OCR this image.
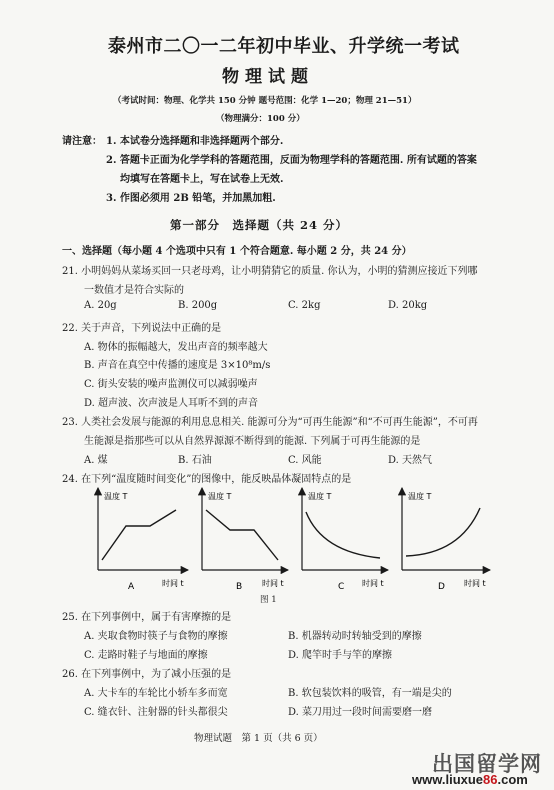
泰州市二〇一二年初中毕业、升学统一考试
物理试题
（考试时间：物理、化学共 150 分钟 题号范围：化学 1—20；物理 21—51）
（物理满分：100 分）
请注意： 1. 本试卷分选择题和非选择题两个部分.
2. 答题卡正面为化学学科的答题范围，反面为物理学科的答题范围. 所有试题的答案
均填写在答题卡上，写在试卷上无效.
3. 作图必须用 2B 铅笔，并加黑加粗.
第一部分　选择题（共 24 分）
一、选择题（每小题 4 个选项中只有 1 个符合题意. 每小题 2 分，共 24 分）
21. 小明妈妈从菜场买回一只老母鸡，让小明猜猜它的质量. 你认为，小明的猜测应接近下列哪
一数值才是符合实际的
A. 20g	B. 200g	C. 2kg	D. 20kg
22. 关于声音，下列说法中正确的是
A. 物体的振幅越大，发出声音的频率越大
B. 声音在真空中传播的速度是 3×10⁸m/s
C. 街头安装的噪声监测仪可以减弱噪声
D. 超声波、次声波是人耳听不到的声音
23. 人类社会发展与能源的利用息息相关. 能源可分为“可再生能源”和“不可再生能源”，不可再
生能源是指那些可以从自然界源源不断得到的能源. 下列属于可再生能源的是
A. 煤	B. 石油	C. 风能	D. 天然气
24. 在下列“温度随时间变化”的图像中，能反映晶体凝固特点的是
温度 T
时间 t
A
温度 T
时间 t
B
温度 T
时间 t
C
温度 T
时间 t
D
图 1
25. 在下列事例中，属于有害摩擦的是
A. 夹取食物时筷子与食物的摩擦	B. 机器转动时转轴受到的摩擦
C. 走路时鞋子与地面的摩擦	D. 爬竿时手与竿的摩擦
26. 在下列事例中，为了减小压强的是
A. 大卡车的车轮比小轿车多而宽	B. 软包装饮料的吸管，有一端是尖的
C. 缝衣针、注射器的针头都很尖	D. 菜刀用过一段时间需要磨一磨
物理试题　第 1 页（共 6 页）
出国留学网
www.liuxue86.com
